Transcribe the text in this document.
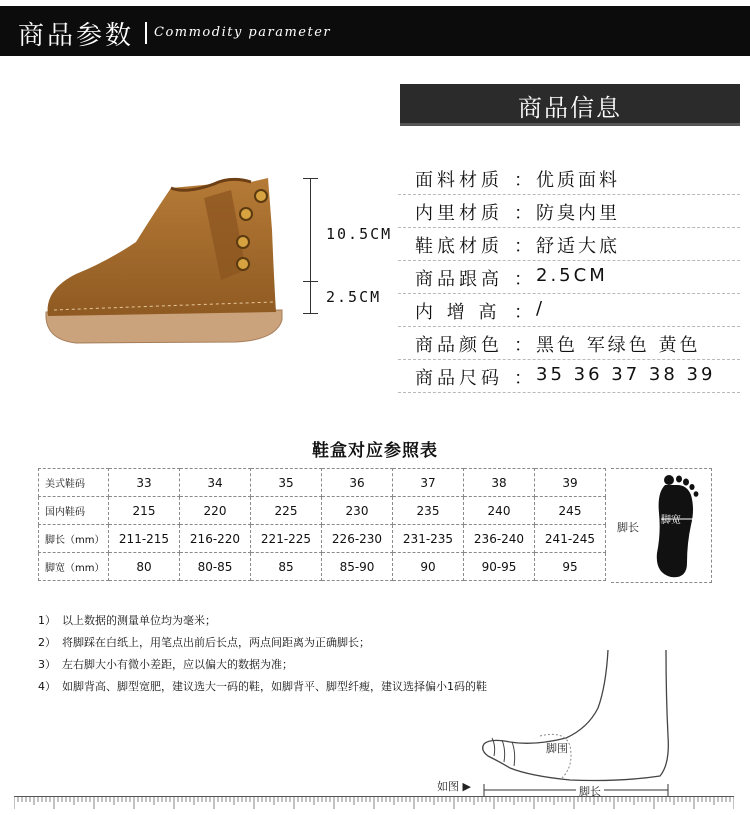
商品参数 Commodity parameter
10.5CM
2.5CM
商品信息
面料材质 ： 优质面料
内里材质 ： 防臭内里
鞋底材质 ： 舒适大底
商品跟高 ： 2.5CM
内 增 高 ： /
商品颜色 ： 黑色 军绿色 黄色
商品尺码 ： 35 36 37 38 39
鞋盒对应参照表
美式鞋码	33	34	35	36	37	38	39
国内鞋码	215	220	225	230	235	240	245
脚长（mm）	211-215	216-220	221-225	226-230	231-235	236-240	241-245
脚宽（mm）	80	80-85	85	85-90	90	90-95	95
脚长
脚宽
1） 以上数据的测量单位均为毫米；
2） 将脚踩在白纸上，用笔点出前后长点，两点间距离为正确脚长；
3） 左右脚大小有微小差距，应以偏大的数据为准；
4） 如脚背高、脚型宽肥，建议选大一码的鞋，如脚背平、脚型纤瘦，建议选择偏小1码的鞋
脚围
脚长
如图 ▶
